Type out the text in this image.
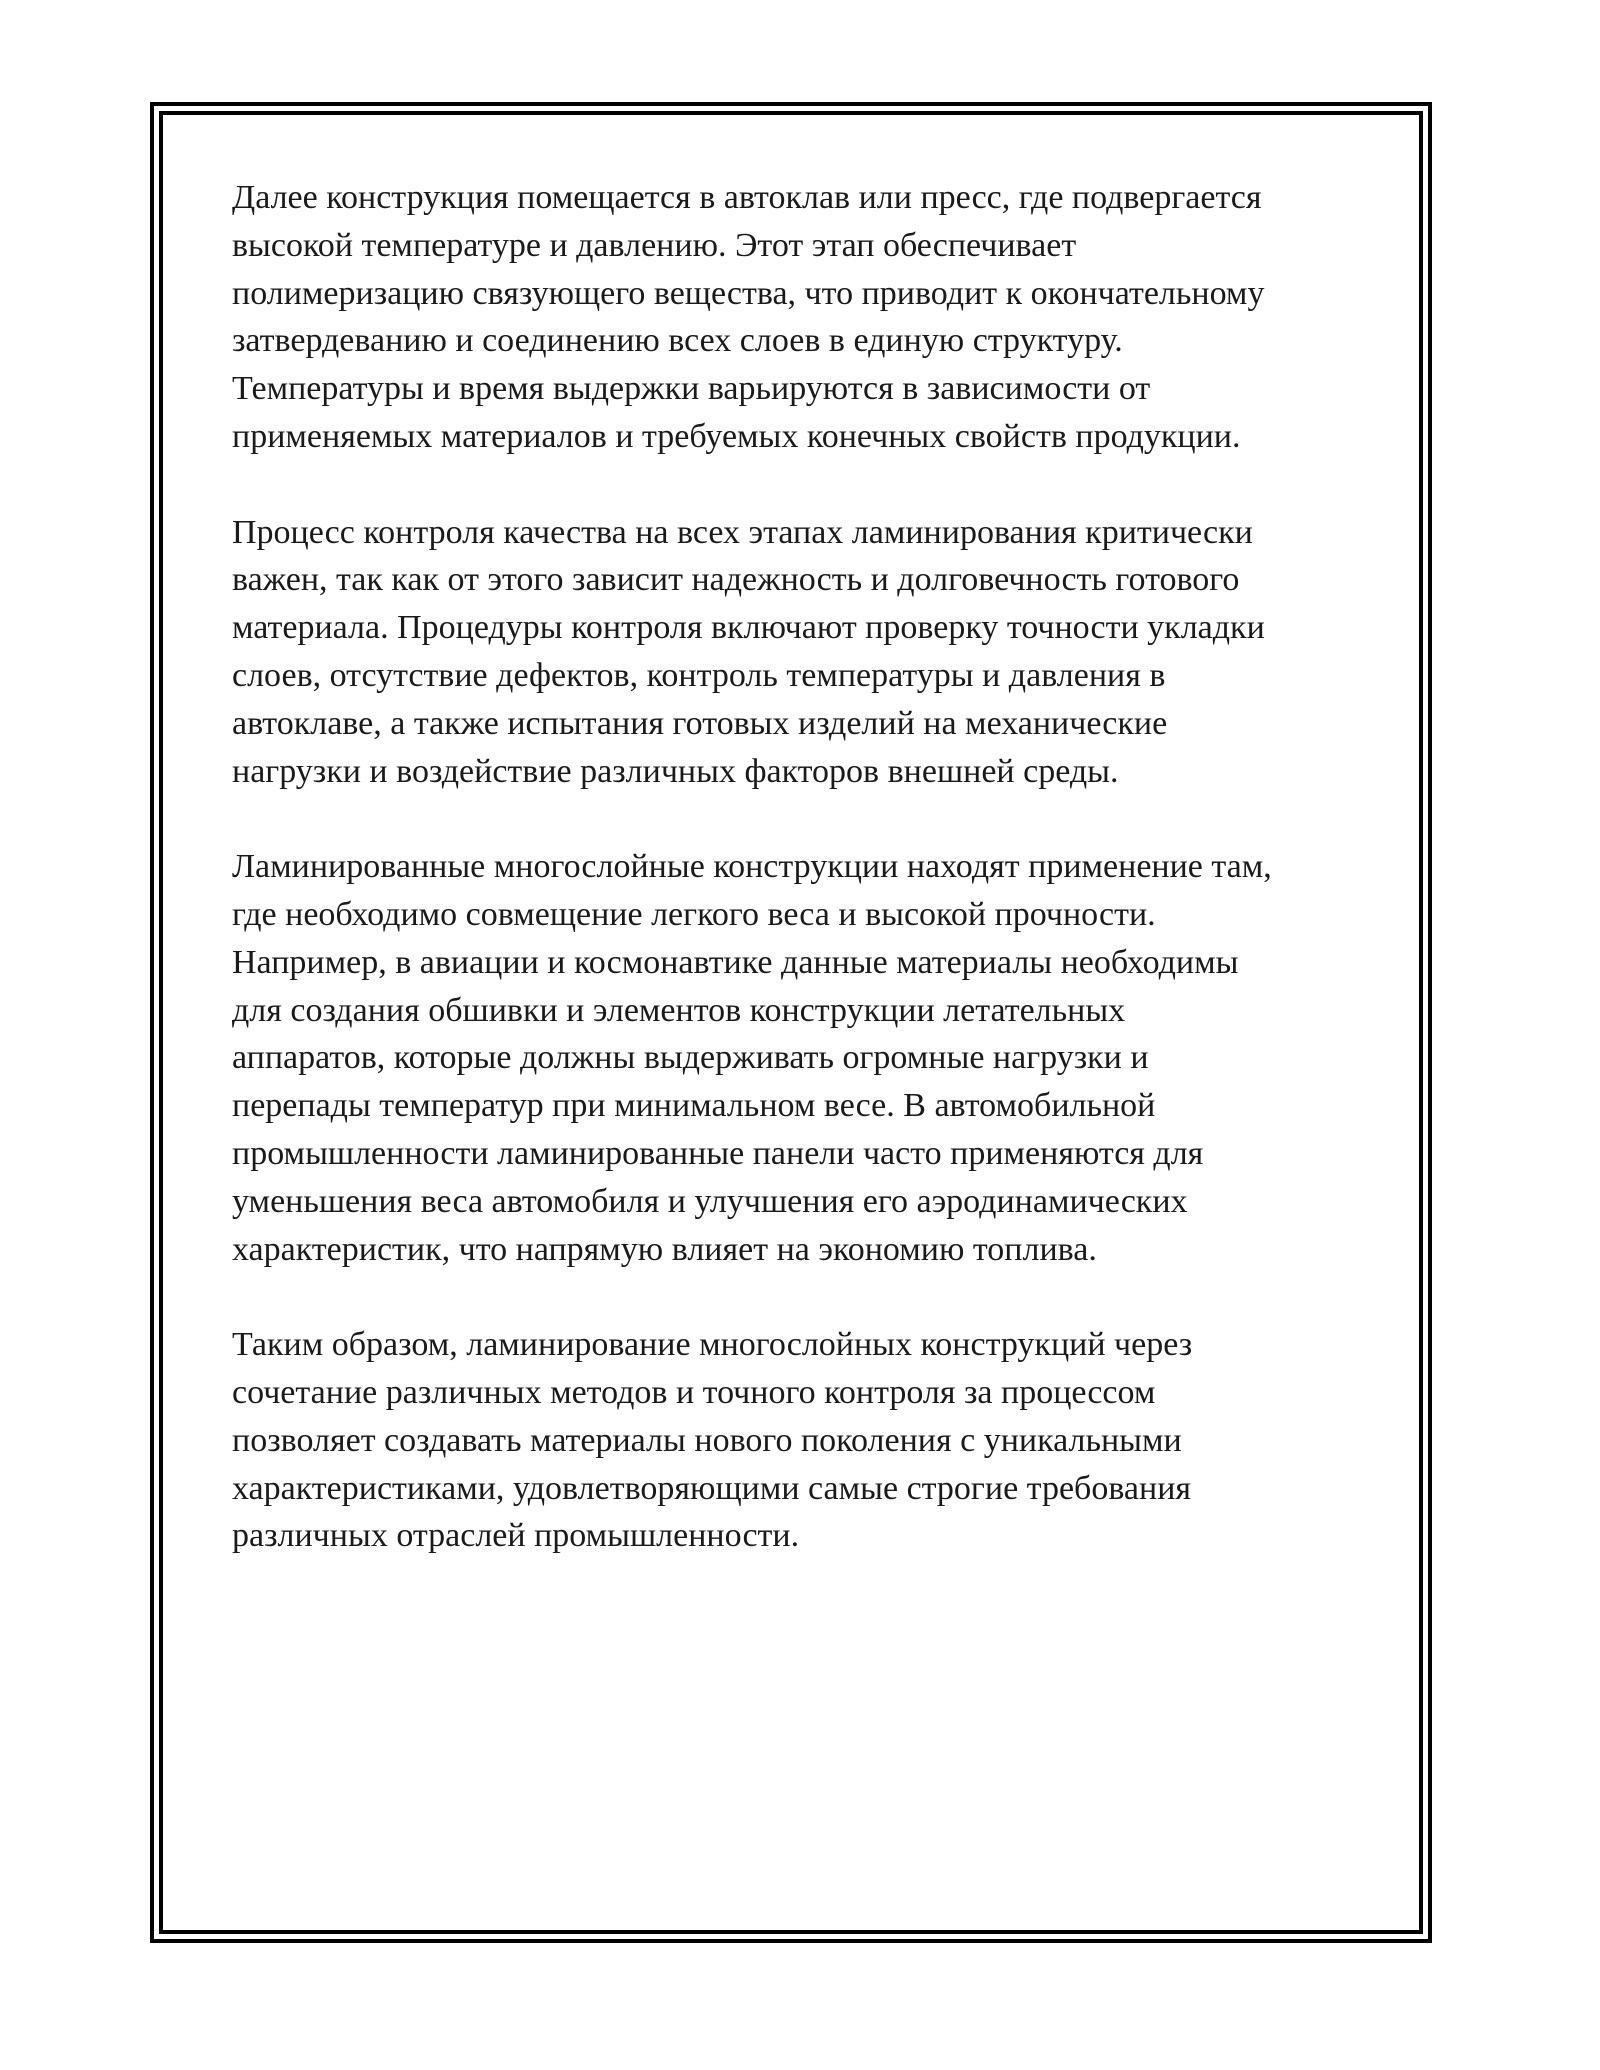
Далее конструкция помещается в автоклав или пресс, где подвергается
высокой температуре и давлению. Этот этап обеспечивает
полимеризацию связующего вещества, что приводит к окончательному
затвердеванию и соединению всех слоев в единую структуру.
Температуры и время выдержки варьируются в зависимости от
применяемых материалов и требуемых конечных свойств продукции.

Процесс контроля качества на всех этапах ламинирования критически
важен, так как от этого зависит надежность и долговечность готового
материала. Процедуры контроля включают проверку точности укладки
слоев, отсутствие дефектов, контроль температуры и давления в
автоклаве, а также испытания готовых изделий на механические
нагрузки и воздействие различных факторов внешней среды.

Ламинированные многослойные конструкции находят применение там,
где необходимо совмещение легкого веса и высокой прочности.
Например, в авиации и космонавтике данные материалы необходимы
для создания обшивки и элементов конструкции летательных
аппаратов, которые должны выдерживать огромные нагрузки и
перепады температур при минимальном весе. В автомобильной
промышленности ламинированные панели часто применяются для
уменьшения веса автомобиля и улучшения его аэродинамических
характеристик, что напрямую влияет на экономию топлива.

Таким образом, ламинирование многослойных конструкций через
сочетание различных методов и точного контроля за процессом
позволяет создавать материалы нового поколения с уникальными
характеристиками, удовлетворяющими самые строгие требования
различных отраслей промышленности.
